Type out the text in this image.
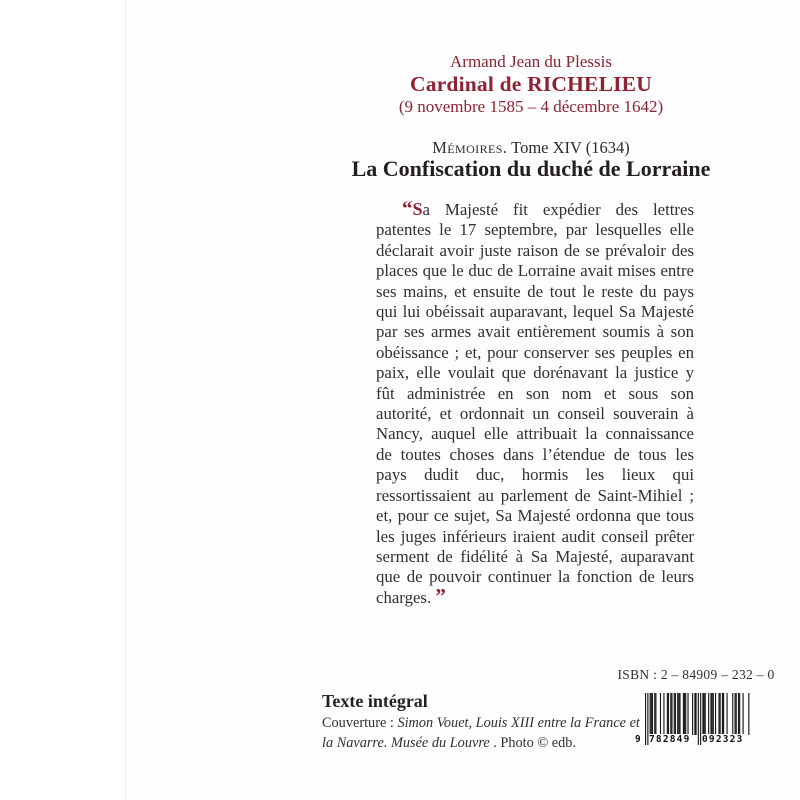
Armand Jean du Plessis
Cardinal de RICHELIEU
(9 novembre 1585 – 4 décembre 1642)
Mémoires. Tome XIV (1634)
La Confiscation du duché de Lorraine

“Sa Majesté fit expédier des lettres patentes le 17 septembre, par lesquelles elle déclarait avoir juste raison de se prévaloir des places que le duc de Lorraine avait mises entre ses mains, et ensuite de tout le reste du pays qui lui obéissait auparavant, lequel Sa Majesté par ses armes avait entièrement soumis à son obéissance ; et, pour conserver ses peuples en paix, elle voulait que dorénavant la justice y fût administrée en son nom et sous son autorité, et ordonnait un conseil souverain à Nancy, auquel elle attribuait la connaissance de toutes choses dans l’étendue de tous les pays dudit duc, hormis les lieux qui ressortissaient au parlement de Saint-Mihiel ; et, pour ce sujet, Sa Majesté ordonna que tous les juges inférieurs iraient audit conseil prêter serment de fidélité à Sa Majesté, auparavant que de pouvoir continuer la fonction de leurs charges. ”

ISBN : 2 – 84909 – 232 – 0
9 782849 092323
Texte intégral

Couverture : Simon Vouet, Louis XIII entre la France et la Navarre. Musée du Louvre . Photo © edb.
